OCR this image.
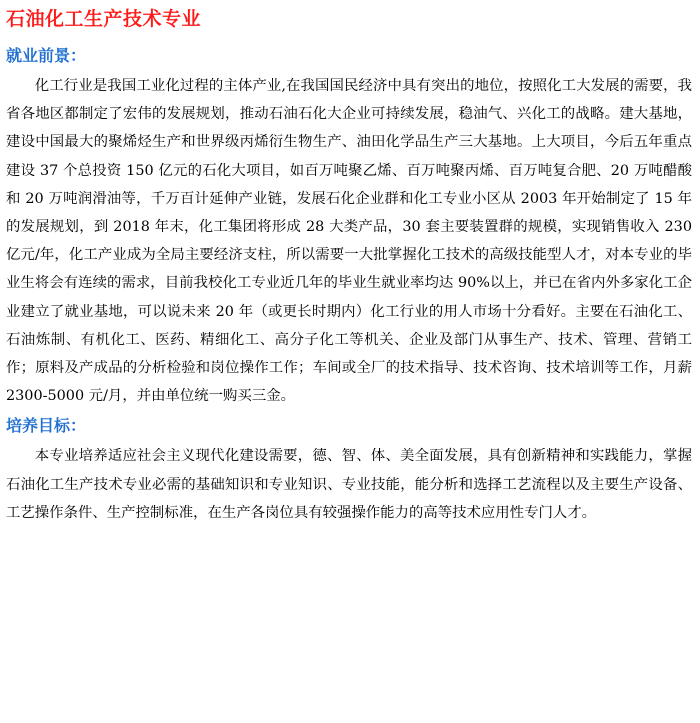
石油化工生产技术专业
就业前景：

化工行业是我国工业化过程的主体产业,在我国国民经济中具有突出的地位，按照化工大发展的需要，我省各地区都制定了宏伟的发展规划，推动石油石化大企业可持续发展，稳油气、兴化工的战略。建大基地，建设中国最大的聚烯烃生产和世界级丙烯衍生物生产、油田化学品生产三大基地。上大项目，今后五年重点建设 37 个总投资 150 亿元的石化大项目，如百万吨聚乙烯、百万吨聚丙烯、百万吨复合肥、20 万吨醋酸和 20 万吨润滑油等，千万百计延伸产业链，发展石化企业群和化工专业小区从 2003 年开始制定了 15 年的发展规划，到 2018 年末，化工集团将形成 28 大类产品，30 套主要装置群的规模，实现销售收入 230 亿元/年，化工产业成为全局主要经济支柱，所以需要一大批掌握化工技术的高级技能型人才，对本专业的毕业生将会有连续的需求，目前我校化工专业近几年的毕业生就业率均达 90%以上，并已在省内外多家化工企业建立了就业基地，可以说未来 20 年（或更长时期内）化工行业的用人市场十分看好。主要在石油化工、石油炼制、有机化工、医药、精细化工、高分子化工等机关、企业及部门从事生产、技术、管理、营销工作；原料及产成品的分析检验和岗位操作工作；车间或全厂的技术指导、技术咨询、技术培训等工作，月薪 2300-5000 元/月，并由单位统一购买三金。

培养目标：

本专业培养适应社会主义现代化建设需要，德、智、体、美全面发展，具有创新精神和实践能力，掌握石油化工生产技术专业必需的基础知识和专业知识、专业技能，能分析和选择工艺流程以及主要生产设备、工艺操作条件、生产控制标准，在生产各岗位具有较强操作能力的高等技术应用性专门人才。
